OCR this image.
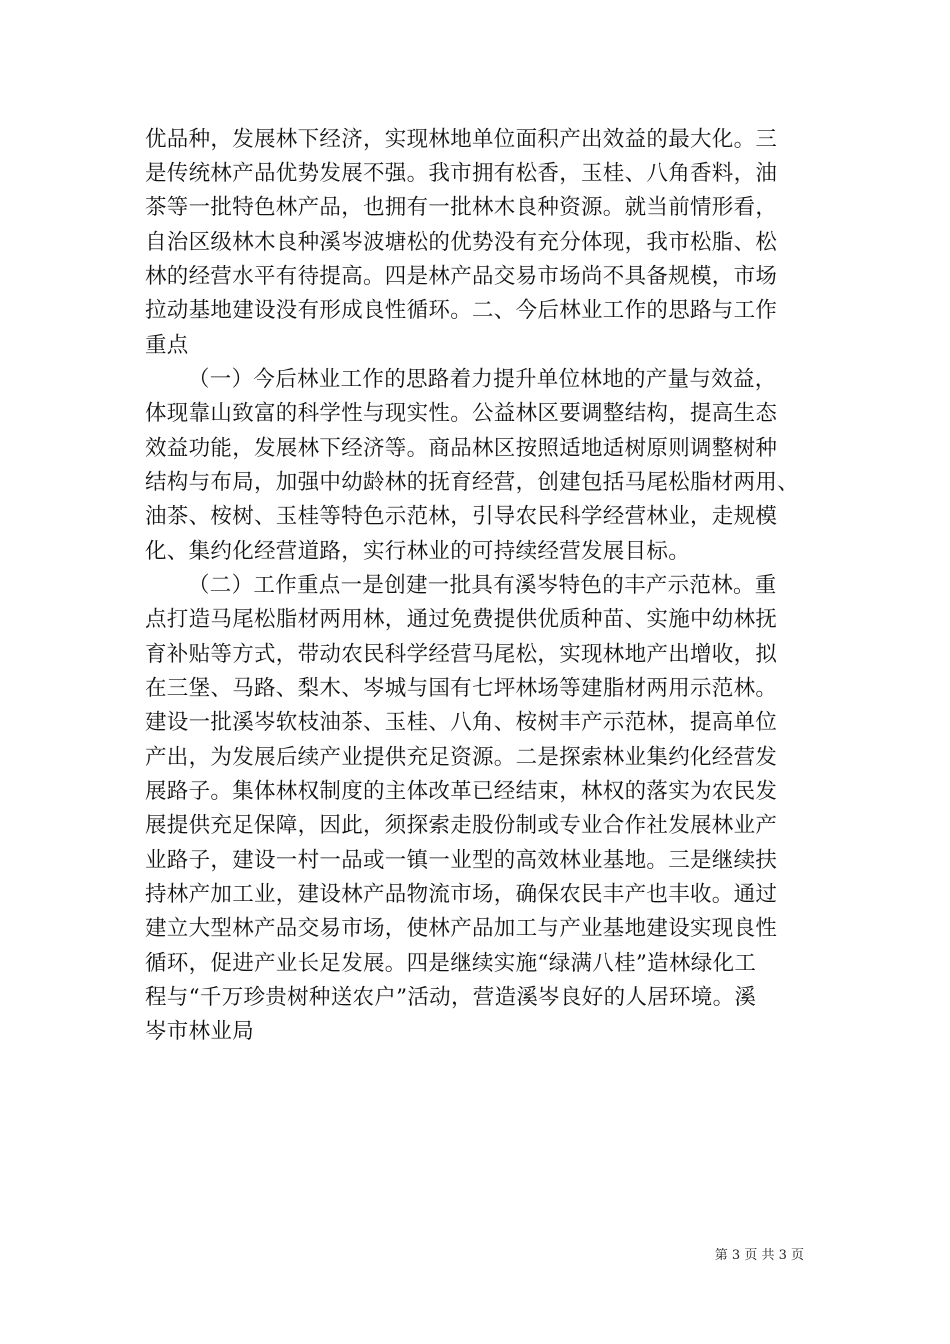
优品种，发展林下经济，实现林地单位面积产出效益的最大化。三
是传统林产品优势发展不强。我市拥有松香，玉桂、八角香料，油
茶等一批特色林产品，也拥有一批林木良种资源。就当前情形看，
自治区级林木良种溪岑波塘松的优势没有充分体现，我市松脂、松
林的经营水平有待提高。四是林产品交易市场尚不具备规模，市场
拉动基地建设没有形成良性循环。二、今后林业工作的思路与工作
重点
（一）今后林业工作的思路着力提升单位林地的产量与效益，
体现靠山致富的科学性与现实性。公益林区要调整结构，提高生态
效益功能，发展林下经济等。商品林区按照适地适树原则调整树种
结构与布局，加强中幼龄林的抚育经营，创建包括马尾松脂材两用、
油茶、桉树、玉桂等特色示范林，引导农民科学经营林业，走规模
化、集约化经营道路，实行林业的可持续经营发展目标。
（二）工作重点一是创建一批具有溪岑特色的丰产示范林。重
点打造马尾松脂材两用林，通过免费提供优质种苗、实施中幼林抚
育补贴等方式，带动农民科学经营马尾松，实现林地产出增收，拟
在三堡、马路、梨木、岑城与国有七坪林场等建脂材两用示范林。
建设一批溪岑软枝油茶、玉桂、八角、桉树丰产示范林，提高单位
产出，为发展后续产业提供充足资源。二是探索林业集约化经营发
展路子。集体林权制度的主体改革已经结束，林权的落实为农民发
展提供充足保障，因此，须探索走股份制或专业合作社发展林业产
业路子，建设一村一品或一镇一业型的高效林业基地。三是继续扶
持林产加工业，建设林产品物流市场，确保农民丰产也丰收。通过
建立大型林产品交易市场，使林产品加工与产业基地建设实现良性
循环，促进产业长足发展。四是继续实施“绿满八桂”造林绿化工
程与“千万珍贵树种送农户”活动，营造溪岑良好的人居环境。溪
岑市林业局
第 3 页 共 3 页
